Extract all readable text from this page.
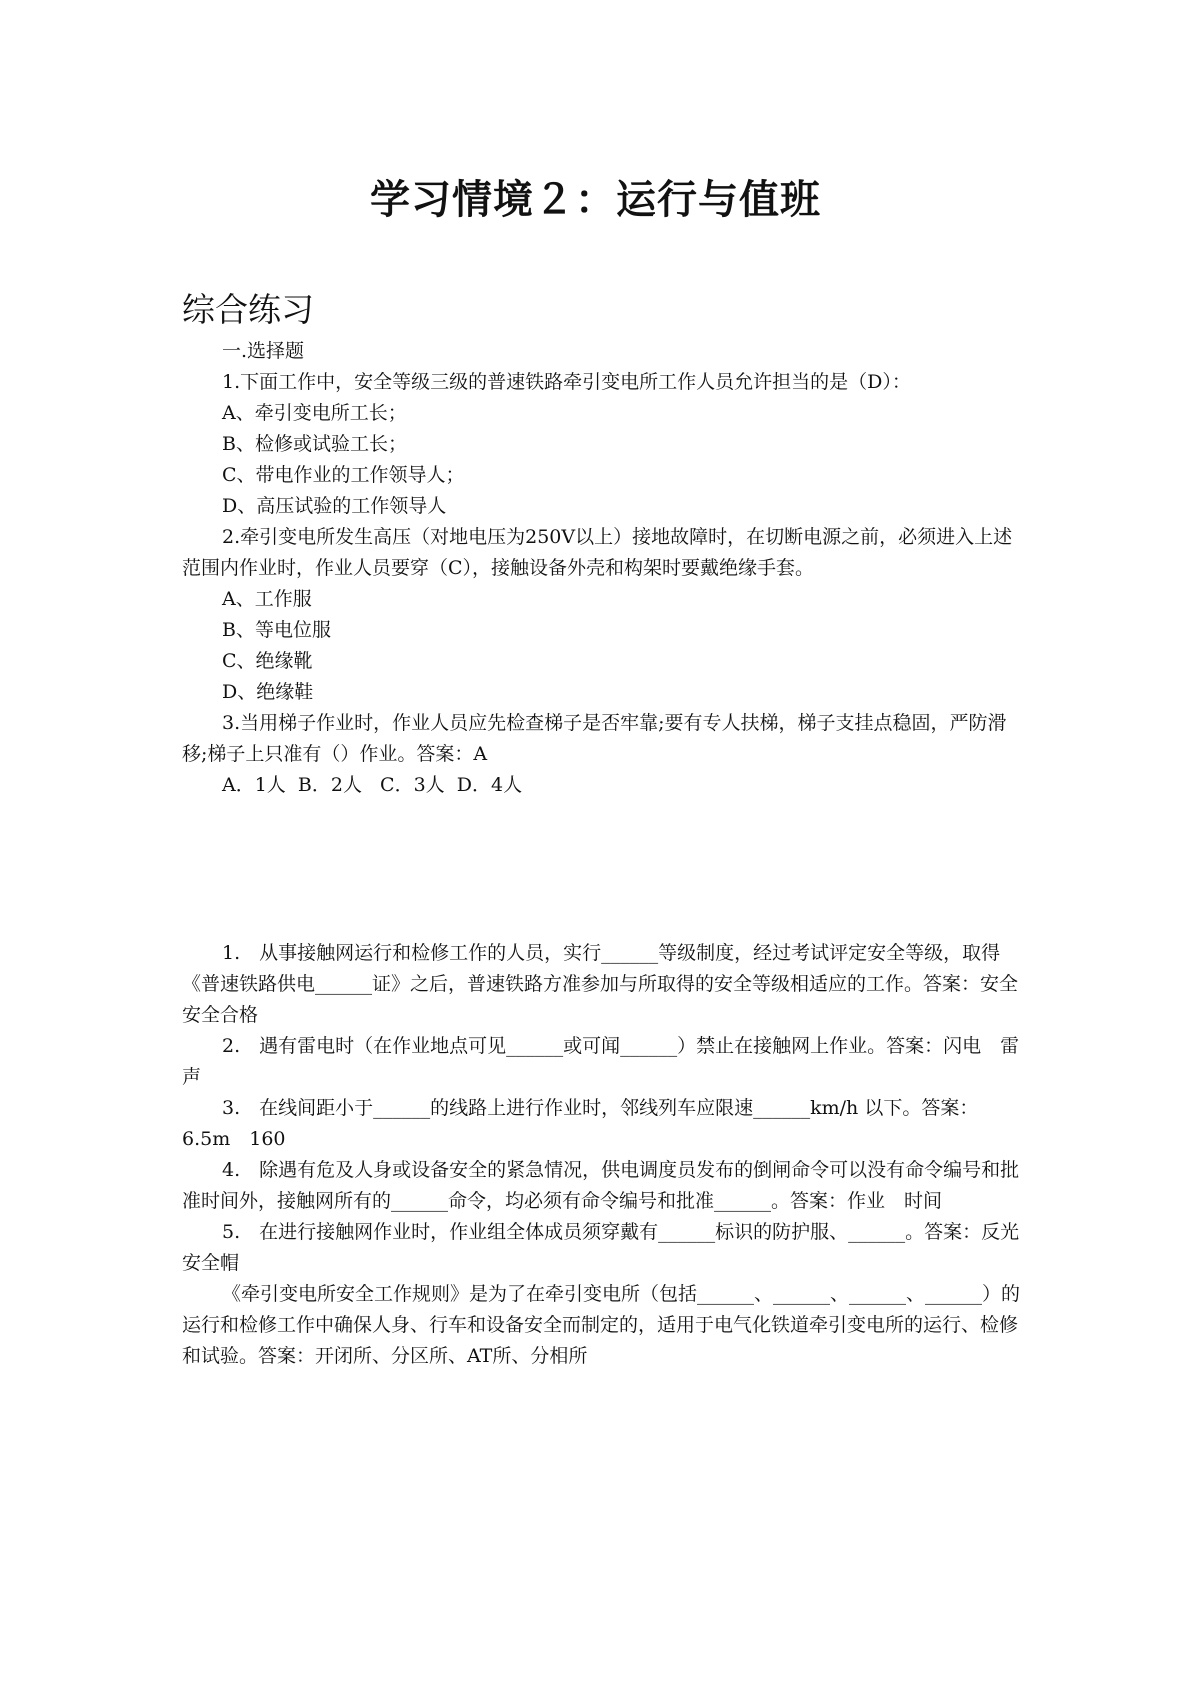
学习情境２：运行与值班
综合练习

一.选择题

1.下面工作中，安全等级三级的普速铁路牵引变电所工作人员允许担当的是（D）：

A、牵引变电所工长；

B、检修或试验工长；

C、带电作业的工作领导人；

D、高压试验的工作领导人

2.牵引变电所发生高压（对地电压为250V以上）接地故障时，在切断电源之前，必须进入上述范围内作业时，作业人员要穿（C），接触设备外壳和构架时要戴绝缘手套。

A、工作服

B、等电位服

C、绝缘靴

D、绝缘鞋

3.当用梯子作业时，作业人员应先检查梯子是否牢靠;要有专人扶梯，梯子支挂点稳固，严防滑移;梯子上只准有（）作业。答案：A

A．1人  B．2人   C．3人  D．4人

1.　从事接触网运行和检修工作的人员，实行______等级制度，经过考试评定安全等级，取得《普速铁路供电______证》之后，普速铁路方准参加与所取得的安全等级相适应的工作。答案：安全　 安全合格

2.　遇有雷电时（在作业地点可见______或可闻______）禁止在接触网上作业。答案：闪电　雷声

3.　在线间距小于______的线路上进行作业时，邻线列车应限速______km/h 以下。答案：6.5m　160

4.　除遇有危及人身或设备安全的紧急情况，供电调度员发布的倒闸命令可以没有命令编号和批准时间外，接触网所有的______命令，均必须有命令编号和批准______。答案：作业　时间

5.　在进行接触网作业时，作业组全体成员须穿戴有______标识的防护服、______。答案：反光　安全帽

《牵引变电所安全工作规则》是为了在牵引变电所（包括______、______、______、______）的运行和检修工作中确保人身、行车和设备安全而制定的，适用于电气化铁道牵引变电所的运行、检修和试验。答案：开闭所、分区所、AT所、分相所
